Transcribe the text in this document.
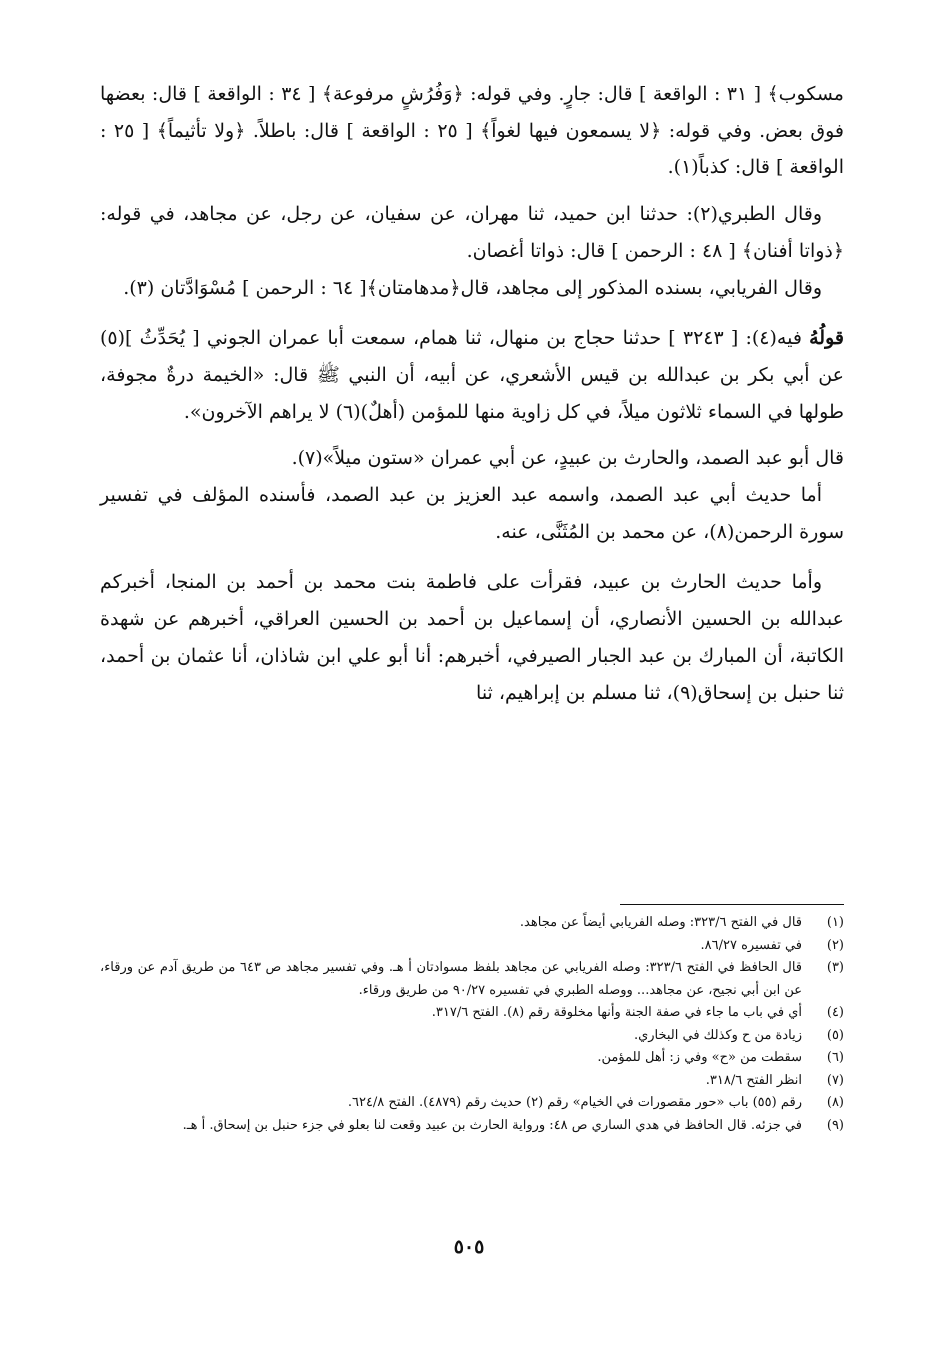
مسكوب﴾ [ ٣١ : الواقعة ] قال: جارٍ. وفي قوله: ﴿وَفُرُشٍ مرفوعة﴾ [ ٣٤ : الواقعة ] قال: بعضها فوق بعض. وفي قوله: ﴿لا يسمعون فيها لغواً﴾ [ ٢٥ : الواقعة ] قال: باطلاً. ﴿ولا تأثيماً﴾ [ ٢٥ : الواقعة ] قال: كذباً(١).

وقال الطبري(٢): حدثنا ابن حميد، ثنا مهران، عن سفيان، عن رجل، عن مجاهد، في قوله: ﴿ذواتا أفنان﴾ [ ٤٨ : الرحمن ] قال: ذواتا أغصان.

وقال الفريابي، بسنده المذكور إلى مجاهد، قال﴿مدهامتان﴾[ ٦٤ : الرحمن ] مُسْوَادَّتان (٣).

قولُهُ فيه(٤): [ ٣٢٤٣ ] حدثنا حجاج بن منهال، ثنا همام، سمعت أبا عمران الجوني [ يُحَدِّثُ ](٥) عن أبي بكر بن عبدالله بن قيس الأشعري، عن أبيه، أن النبي ﷺ قال: «الخيمة درةٌ مجوفة، طولها في السماء ثلاثون ميلاً، في كل زاوية منها للمؤمن (أهلٌ)(٦) لا يراهم الآخرون».

قال أبو عبد الصمد، والحارث بن عبيدٍ، عن أبي عمران «ستون ميلاً»(٧).

أما حديث أبي عبد الصمد، واسمه عبد العزيز بن عبد الصمد، فأسنده المؤلف في تفسير سورة الرحمن(٨)، عن محمد بن المُثَنَّى، عنه.

وأما حديث الحارث بن عبيد، فقرأت على فاطمة بنت محمد بن أحمد بن المنجا، أخبركم عبدالله بن الحسين الأنصاري، أن إسماعيل بن أحمد بن الحسين العراقي، أخبرهم عن شهدة الكاتبة، أن المبارك بن عبد الجبار الصيرفي، أخبرهم: أنا أبو علي ابن شاذان، أنا عثمان بن أحمد، ثنا حنبل بن إسحاق(٩)، ثنا مسلم بن إبراهيم، ثنا

(١)
قال في الفتح ٣٢٣/٦: وصله الفريابي أيضاً عن مجاهد.
(٢)
في تفسيره ٨٦/٢٧.
(٣)
قال الحافظ في الفتح ٣٢٣/٦: وصله الفريابي عن مجاهد بلفظ مسوادتان أ هـ. وفي تفسير مجاهد ص ٦٤٣ من طريق آدم عن ورقاء، عن ابن أبي نجيح، عن مجاهد... ووصله الطبري في تفسيره ٩٠/٢٧ من طريق ورقاء.
(٤)
أي في باب ما جاء في صفة الجنة وأنها مخلوقة رقم (٨). الفتح ٣١٧/٦.
(٥)
زيادة من ح وكذلك في البخاري.
(٦)
سقطت من «ح» وفي ز: أهل للمؤمن.
(٧)
انظر الفتح ٣١٨/٦.
(٨)
رقم (٥٥) باب «حور مقصورات في الخيام» رقم (٢) حديث رقم (٤٨٧٩). الفتح ٦٢٤/٨.
(٩)
في جزئه. قال الحافظ في هدي الساري ص ٤٨: ورواية الحارث بن عبيد وقعت لنا بعلو في جزء حنبل بن إسحاق. أ هـ.
٥٠٥
